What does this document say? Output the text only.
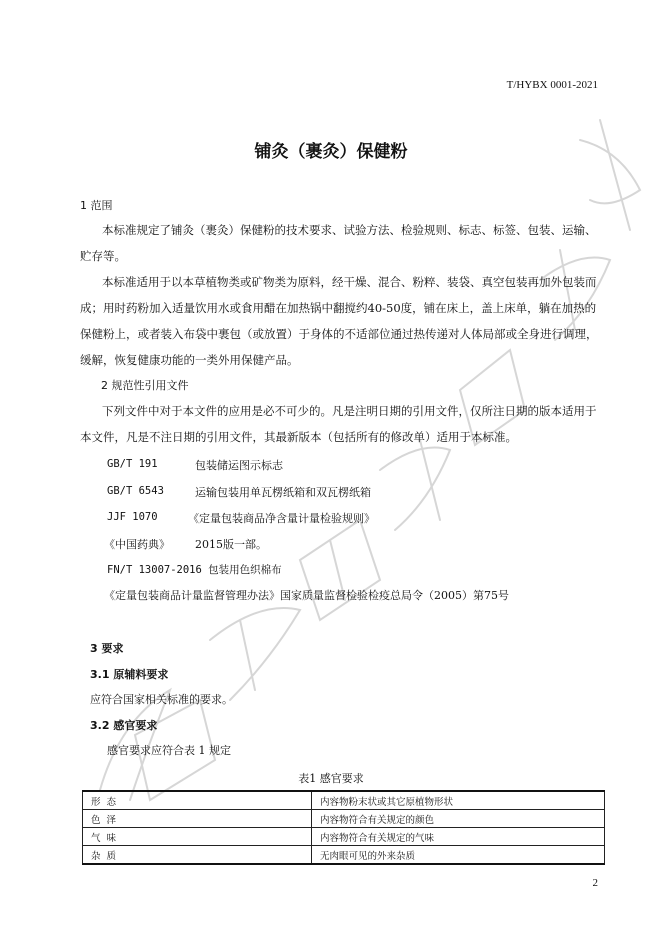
T/HYBX 0001-2021
铺灸（裹灸）保健粉
1 范围
本标准规定了铺灸（裹灸）保健粉的技术要求、试验方法、检验规则、标志、标签、包装、运输、贮存等。
本标准适用于以本草植物类或矿物类为原料，经干燥、混合、粉粹、装袋、真空包装再加外包装而成；用时药粉加入适量饮用水或食用醋在加热锅中翻搅约40-50度，铺在床上，盖上床单，躺在加热的保健粉上，或者装入布袋中裹包（或放置）于身体的不适部位通过热传递对人体局部或全身进行调理，缓解，恢复健康功能的一类外用保健产品。
2 规范性引用文件
下列文件中对于本文件的应用是必不可少的。凡是注明日期的引用文件，仅所注日期的版本适用于本文件，凡是不注日期的引用文件，其最新版本（包括所有的修改单）适用于本标准。
GB/T 191	包装储运图示标志
GB/T 6543	运输包装用单瓦楞纸箱和双瓦楞纸箱
JJF 1070	《定量包装商品净含量计量检验规则》
《中国药典》 2015版一部。
FN/T 13007-2016 包装用色织棉布
《定量包装商品计量监督管理办法》国家质量监督检验检疫总局令（2005）第75号
3 要求
3.1 原辅料要求
应符合国家相关标准的要求。
3.2 感官要求
感官要求应符合表 1 规定
表1 感官要求
形态	内容物粉末状或其它原植物形状
色泽	内容物符合有关规定的颜色
气味	内容物符合有关规定的气味
杂质	无肉眼可见的外来杂质
2
